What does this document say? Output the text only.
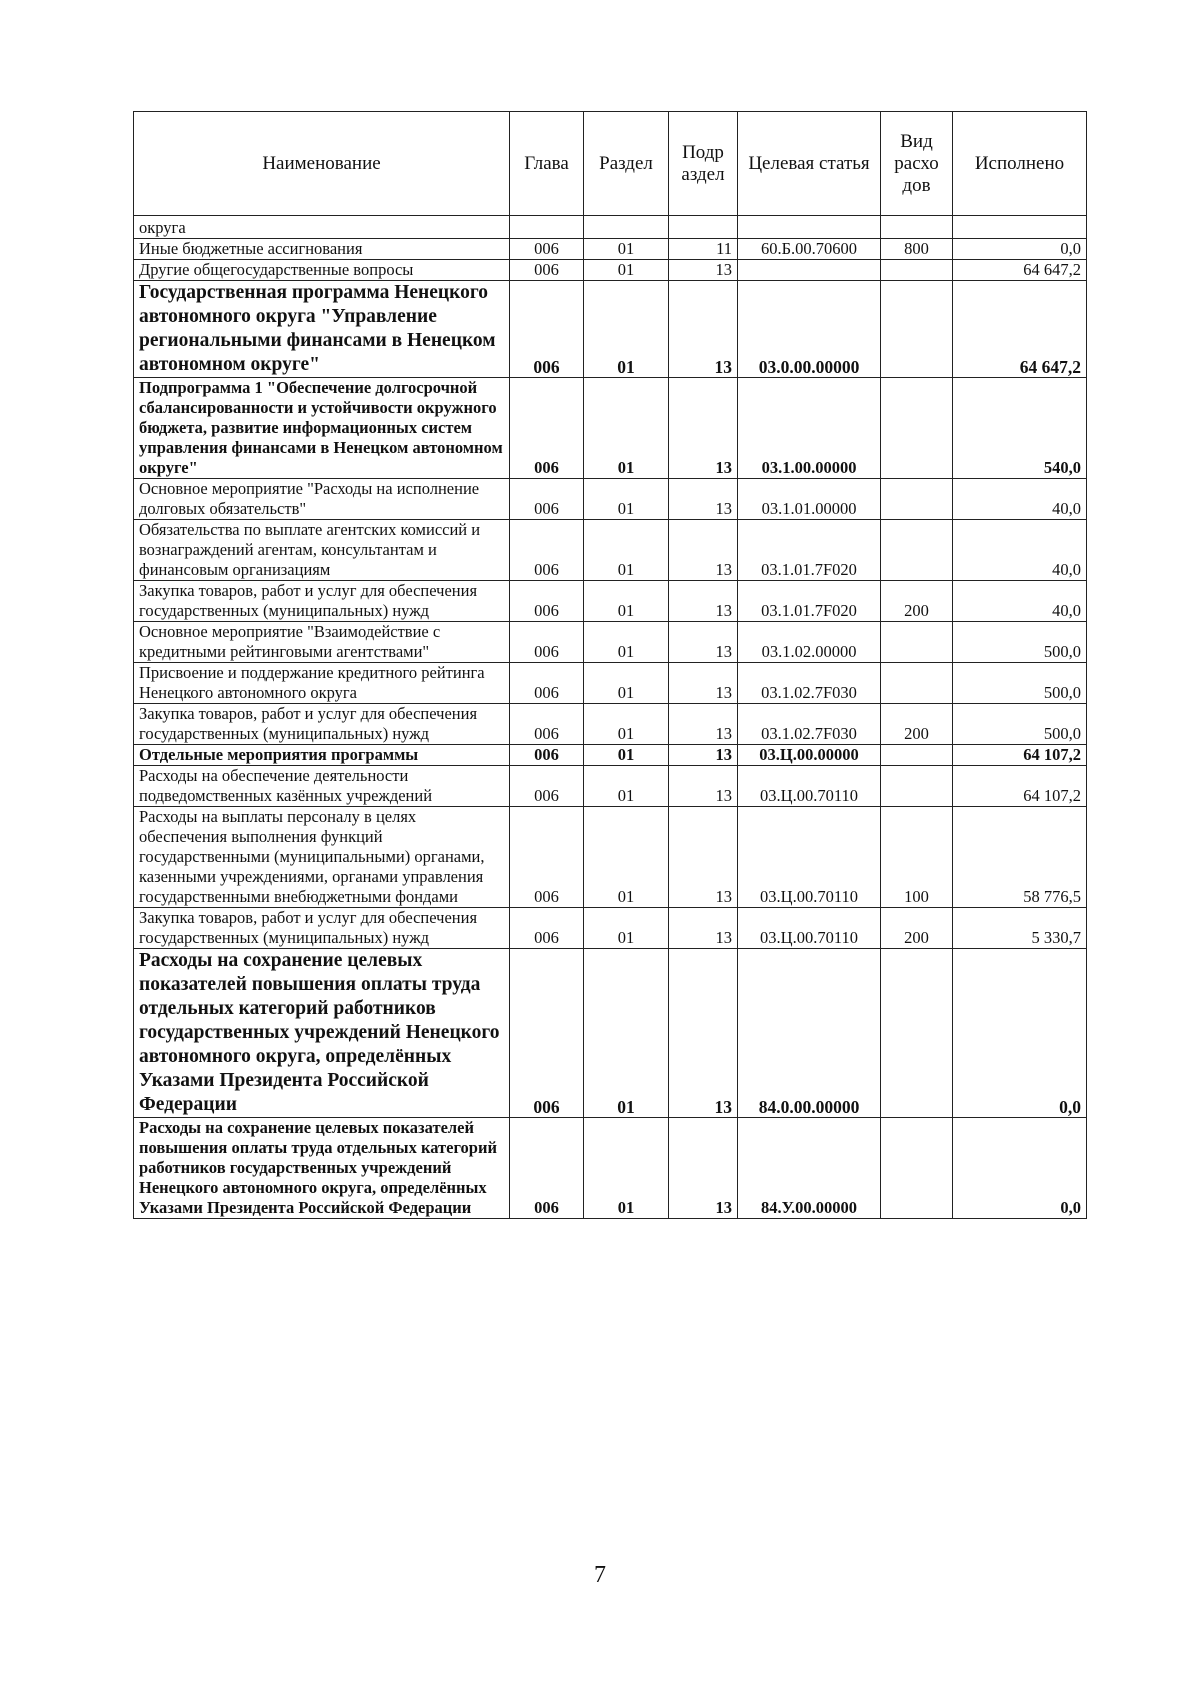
Наименование	Глава	Раздел	Подр аздел	Целевая статья	Вид расхо дов	Исполнено
округа						
Иные бюджетные ассигнования	006	01	11	60.Б.00.70600	800	0,0
Другие общегосударственные вопросы	006	01	13			64 647,2
Государственная программа Ненецкого автономного округа "Управление региональными финансами в Ненецком автономном округе"	006	01	13	03.0.00.00000		64 647,2
Подпрограмма 1 "Обеспечение долгосрочной сбалансированности и устойчивости окружного бюджета, развитие информационных систем управления финансами в Ненецком автономном округе"	006	01	13	03.1.00.00000		540,0
Основное мероприятие "Расходы на исполнение долговых обязательств"	006	01	13	03.1.01.00000		40,0
Обязательства по выплате агентских комиссий и вознаграждений агентам, консультантам и финансовым организациям	006	01	13	03.1.01.7F020		40,0
Закупка товаров, работ и услуг для обеспечения государственных (муниципальных) нужд	006	01	13	03.1.01.7F020	200	40,0
Основное мероприятие "Взаимодействие с кредитными рейтинговыми агентствами"	006	01	13	03.1.02.00000		500,0
Присвоение и поддержание кредитного рейтинга Ненецкого автономного округа	006	01	13	03.1.02.7F030		500,0
Закупка товаров, работ и услуг для обеспечения государственных (муниципальных) нужд	006	01	13	03.1.02.7F030	200	500,0
Отдельные мероприятия программы	006	01	13	03.Ц.00.00000		64 107,2
Расходы на обеспечение деятельности подведомственных казённых учреждений	006	01	13	03.Ц.00.70110		64 107,2
Расходы на выплаты персоналу в целях обеспечения выполнения функций государственными (муниципальными) органами, казенными учреждениями, органами управления государственными внебюджетными фондами	006	01	13	03.Ц.00.70110	100	58 776,5
Закупка товаров, работ и услуг для обеспечения государственных (муниципальных) нужд	006	01	13	03.Ц.00.70110	200	5 330,7
Расходы на сохранение целевых показателей повышения оплаты труда отдельных категорий работников государственных учреждений Ненецкого автономного округа, определённых Указами Президента Российской Федерации	006	01	13	84.0.00.00000		0,0
Расходы на сохранение целевых показателей повышения оплаты труда отдельных категорий работников государственных учреждений Ненецкого автономного округа, определённых Указами Президента Российской Федерации	006	01	13	84.У.00.00000		0,0
7
